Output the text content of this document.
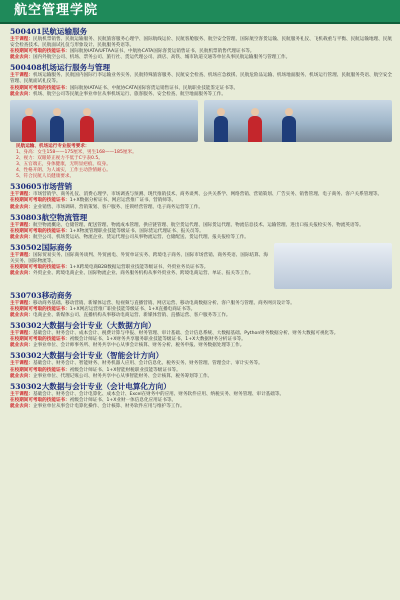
航空管理学院
500401民航运输服务

主干课程：民航机票销售、民航运输服务、民航旅客服务心理学、国际航线运价、民航客舱服务、航空安全管理、国际航空客货运输、民航服务礼仪、飞机载重与平衡、民航运输地理、民航安全检查技术、民航面试礼仪与形象设计、民航服务英语等。

在校期间可考取的技能证书：国际航协IATA/UFTAA证书、中航协CATA国际客货运销售证书、民航机票销售代理证书等。

就业去向：国内外航空公司、机场、票务公司、旅行社、货运代理公司、酒店、高铁、城市轨道交通等单位从事民航运输服务与管理工作。

500408机场运行服务与管理

主干课程：机场运输服务、民航国内国际行李运输业务实务、民航特殊旅客服务、民航安全检查、机场应急救援、民航危险品运输、机场地面服务、机场运行管理、民航服务英语、航空安全管理、民航面试礼仪等。

在校期间可考取的技能证书：国际航协IATA证书、中航协CATA国际客货运销售证书、民航职业技能鉴定证书等。

就业去向：机场、航空公司等民航企事业单位从事机场运行、旅客服务、安全检查、航空地面服务等工作。

民航运输、机场运行专业报考要求：
1、身高：女生158——175厘米，男生168——185厘米。
2、视力：双眼矫正视力不低于C字表0.5。
3、五官端正，身体健康，无明显疤痕、纹身。
4、性格开朗、为人诚实，工作主动热情耐心。
5、符合民航人员健康要求。
530605市场营销

主干课程：市场营销学、商务礼仪、消费心理学、市场调查与预测、现代推销技术、商务谈判、公共关系学、网络营销、营销策划、广告实务、销售管理、电子商务、客户关系管理等。

在校期间可考取的技能证书：1+X数据分析证书、网店运营推广证书、营销师等。

就业去向：企业销售、市场调研、营销策划、客户服务、连锁经营管理、电子商务运营等工作。

530803航空物流管理

主干课程：航空物流概论、仓储管理、配送管理、物流成本管理、供应链管理、航空货运代理、国际货运代理、物流信息技术、运输管理、进出口报关报检实务、物流英语等。

在校期间可考取的技能证书：1+X物流管理职业技能等级证书、国际货运代理证书、报关员等。

就业去向：航空公司、机场货运站、物流企业、货运代理公司从事物流运营、仓储配送、货运代理、报关报检等工作。

530502国际商务

主干课程：国际贸易实务、国际商务谈判、外贸函电、外贸单证实务、跨境电子商务、国际市场营销、商务英语、国际结算、海关实务、国际物流等。

在校期间可考取的技能证书：1+X跨境电商B2B数据运营职业技能等级证书、外贸业务员证书等。

就业去向：外贸企业、跨境电商企业、国际物流企业、商务服务机构从事外贸业务、跨境电商运营、单证、报关等工作。

530703移动商务

主干课程：移动商务基础、移动营销、新媒体运营、短视频与直播营销、网店运营、移动电商数据分析、客户服务与管理、商务网页设计等。

在校期间可考取的技能证书：1+X网店运营推广职业技能等级证书、1+X直播电商证书等。

就业去向：电商企业、新媒体公司、直播机构从事移动电商运营、新媒体营销、直播运营、客户服务等工作。

530302大数据与会计专业（大数据方向）

主干课程：基础会计、财务会计、成本会计、税费计算与申报、财务管理、审计基础、会计信息系统、大数据基础、Python财务数据分析、财务大数据可视化等。

在校期间可考取的技能证书：初级会计师证书、1+X财务共享服务职业技能等级证书、1+X大数据财务分析证书等。

就业去向：企事业单位、会计师事务所、财务共享中心从事会计核算、财务分析、税务申报、财务数据处理等工作。

530302大数据与会计专业（智能会计方向）

主干课程：基础会计、财务会计、智能财务、财务机器人应用、会计信息化、税务实务、财务管理、管理会计、审计实务等。

在校期间可考取的技能证书：初级会计师证书、1+X智能财税职业技能等级证书等。

就业去向：企事业单位、代理记账公司、财务共享中心从事智能财务、会计核算、税务筹划等工作。

530302大数据与会计专业（会计电算化方向）

主干课程：基础会计、财务会计、会计电算化、成本会计、Excel在财务中的应用、财务软件应用、纳税实务、财务管理、审计基础等。

在校期间可考取的技能证书：初级会计师证书、1+X业财一体信息化应用证书等。

就业去向：企事业单位从事会计电算化操作、会计核算、财务软件应用与维护等工作。
